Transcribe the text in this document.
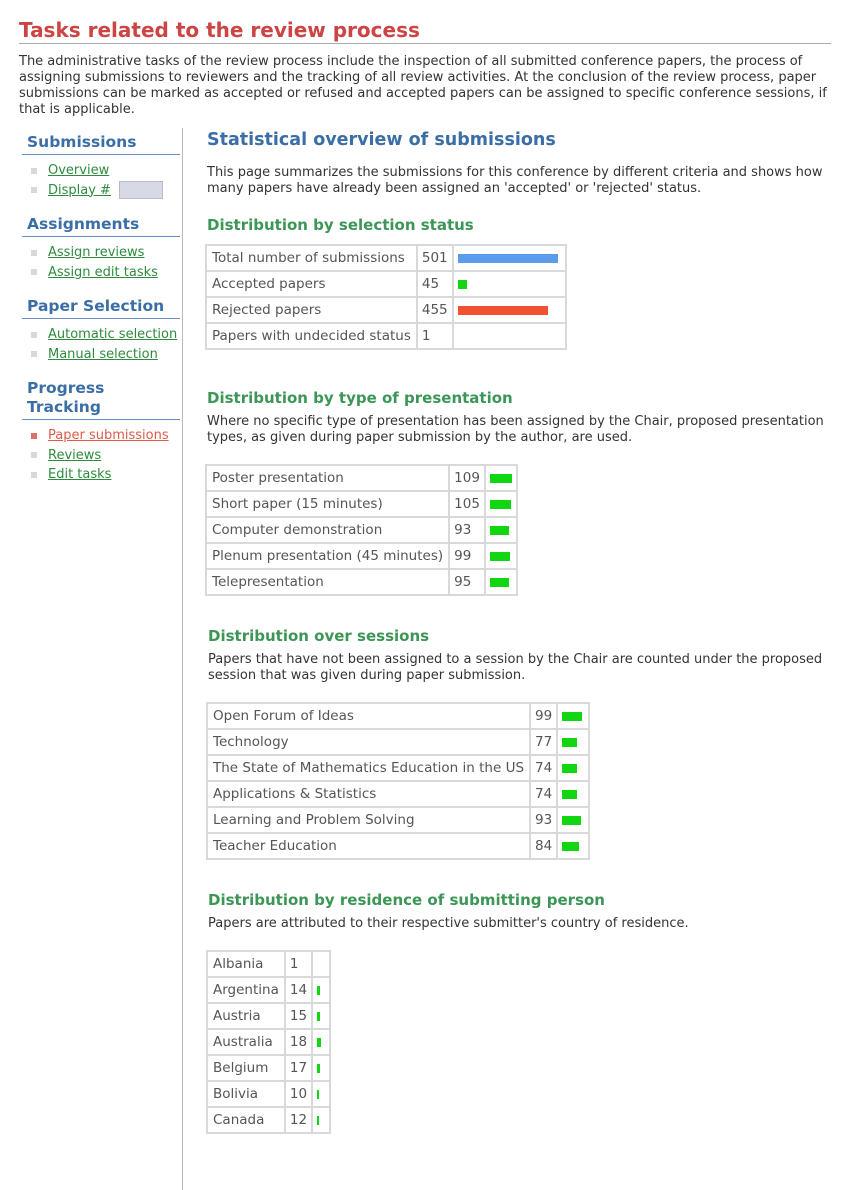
Tasks related to the review process

The administrative tasks of the review process include the inspection of all submitted conference papers, the process of assigning submissions to reviewers and the tracking of all review activities. At the conclusion of the review process, paper submissions can be marked as accepted or refused and accepted papers can be assigned to specific conference sessions, if that is applicable.

Submissions
Overview
Display #
Assignments
Assign reviews
Assign edit tasks
Paper Selection
Automatic selection
Manual selection
Progress Tracking
Paper submissions
Reviews
Edit tasks
Statistical overview of submissions

This page summarizes the submissions for this conference by different criteria and shows how many papers have already been assigned an 'accepted' or 'rejected' status.

Distribution by selection status
Total number of submissions	501	

Accepted papers	45	

Rejected papers	455	

Papers with undecided status	1	
Distribution by type of presentation

Where no specific type of presentation has been assigned by the Chair, proposed presentation types, as given during paper submission by the author, are used.

Poster presentation	109	

Short paper (15 minutes)	105	

Computer demonstration	93	

Plenum presentation (45 minutes)	99	

Telepresentation	95	
Distribution over sessions

Papers that have not been assigned to a session by the Chair are counted under the proposed session that was given during paper submission.

Open Forum of Ideas	99	

Technology	77	

The State of Mathematics Education in the US	74	

Applications & Statistics	74	

Learning and Problem Solving	93	

Teacher Education	84	
Distribution by residence of submitting person

Papers are attributed to their respective submitter's country of residence.

Albania	1	

Argentina	14	

Austria	15	

Australia	18	

Belgium	17	

Bolivia	10	

Canada	12	
